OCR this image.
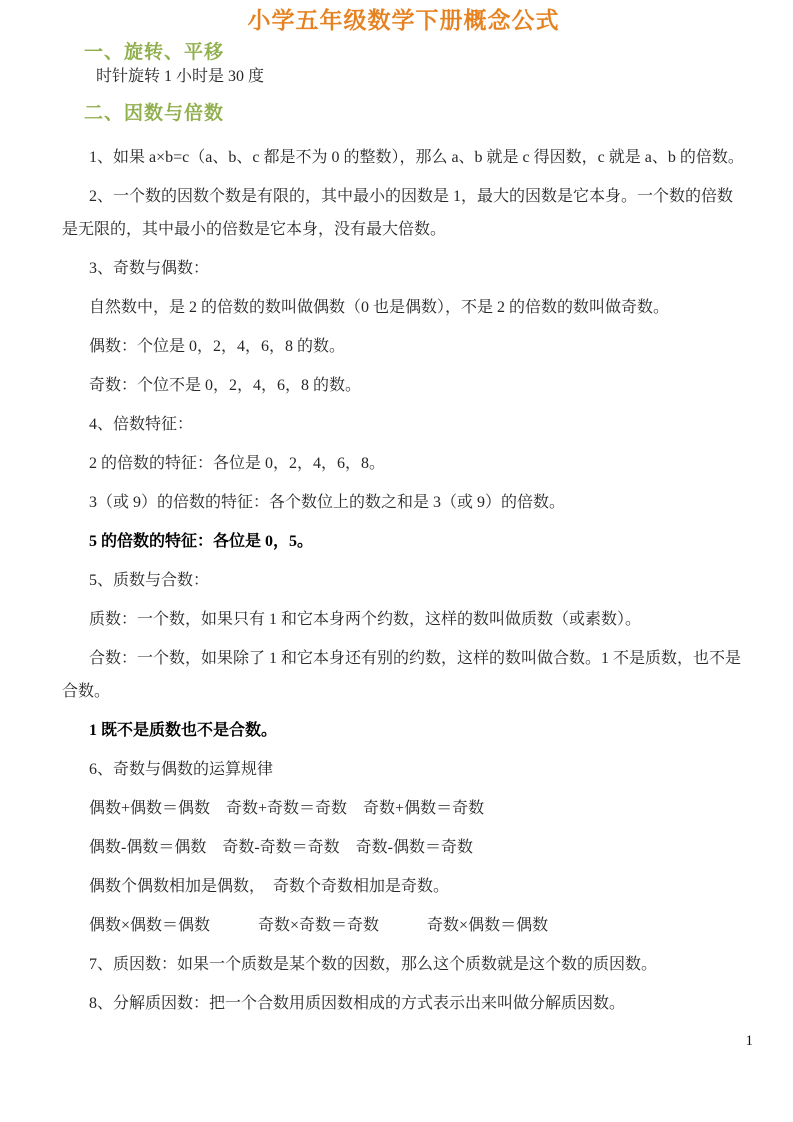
小学五年级数学下册概念公式
一、旋转、平移

时针旋转 1 小时是 30 度

二、因数与倍数

1、如果 a×b=c（a、b、c 都是不为 0 的整数），那么 a、b 就是 c 得因数，c 就是 a、b 的倍数。

2、一个数的因数个数是有限的，其中最小的因数是 1，最大的因数是它本身。一个数的倍数是无限的，其中最小的倍数是它本身，没有最大倍数。

3、奇数与偶数：

自然数中，是 2 的倍数的数叫做偶数（0 也是偶数），不是 2 的倍数的数叫做奇数。

偶数：个位是 0，2，4，6，8 的数。

奇数：个位不是 0，2，4，6，8 的数。

4、倍数特征：

2 的倍数的特征：各位是 0，2，4，6，8。

3（或 9）的倍数的特征：各个数位上的数之和是 3（或 9）的倍数。

5 的倍数的特征：各位是 0，5。

5、质数与合数：

质数：一个数，如果只有 1 和它本身两个约数，这样的数叫做质数（或素数）。

合数：一个数，如果除了 1 和它本身还有别的约数，这样的数叫做合数。1 不是质数，也不是合数。

1 既不是质数也不是合数。

6、奇数与偶数的运算规律

偶数+偶数＝偶数　奇数+奇数＝奇数　奇数+偶数＝奇数

偶数-偶数＝偶数　奇数-奇数＝奇数　奇数-偶数＝奇数

偶数个偶数相加是偶数，　奇数个奇数相加是奇数。

偶数×偶数＝偶数　　　奇数×奇数＝奇数　　　奇数×偶数＝偶数

7、质因数：如果一个质数是某个数的因数，那么这个质数就是这个数的质因数。

8、分解质因数：把一个合数用质因数相成的方式表示出来叫做分解质因数。

1
